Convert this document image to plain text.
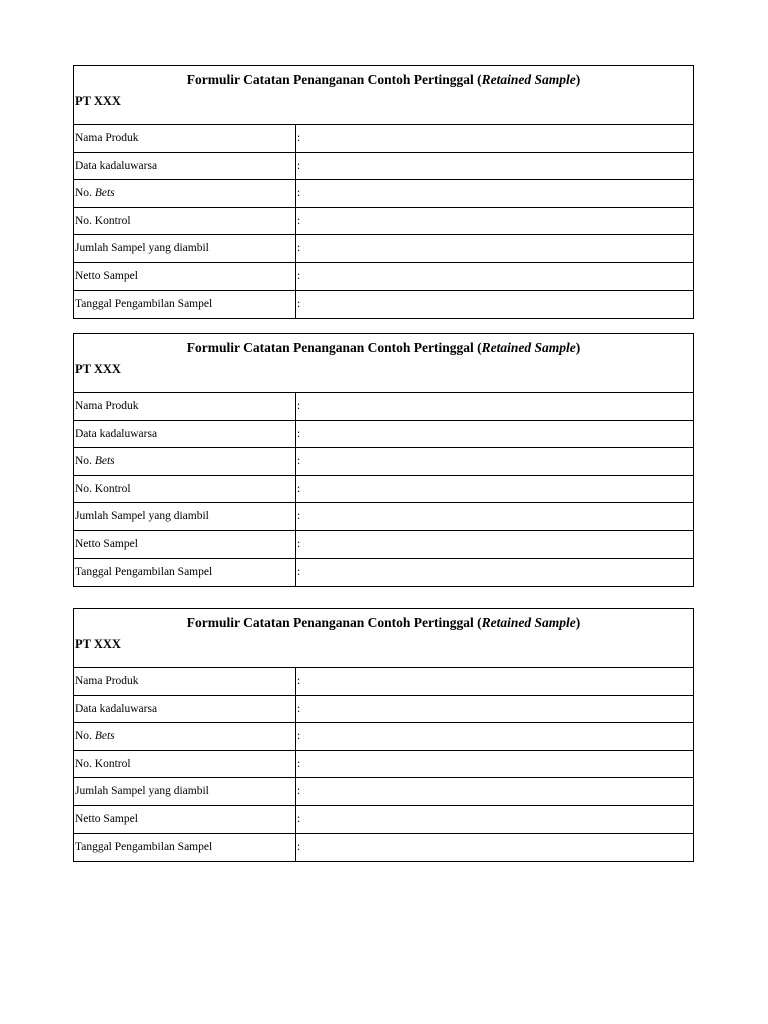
Formulir Catatan Penanganan Contoh Pertinggal (Retained Sample)
PT XXX
Nama Produk	:
Data kadaluwarsa	:
No. Bets	:
No. Kontrol	:
Jumlah Sampel yang diambil	:
Netto Sampel	:
Tanggal Pengambilan Sampel	:
Formulir Catatan Penanganan Contoh Pertinggal (Retained Sample)
PT XXX
Nama Produk	:
Data kadaluwarsa	:
No. Bets	:
No. Kontrol	:
Jumlah Sampel yang diambil	:
Netto Sampel	:
Tanggal Pengambilan Sampel	:
Formulir Catatan Penanganan Contoh Pertinggal (Retained Sample)
PT XXX
Nama Produk	:
Data kadaluwarsa	:
No. Bets	:
No. Kontrol	:
Jumlah Sampel yang diambil	:
Netto Sampel	:
Tanggal Pengambilan Sampel	:
